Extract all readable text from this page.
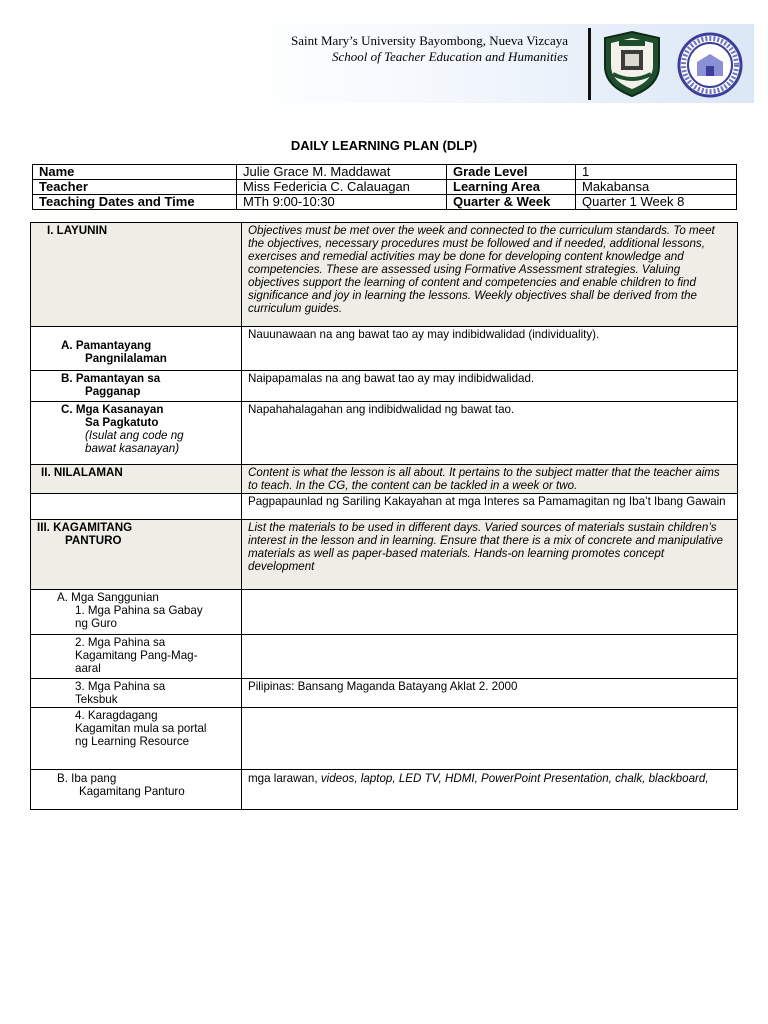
Saint Mary’s University Bayombong, Nueva Vizcaya
School of Teacher Education and Humanities
DAILY LEARNING PLAN (DLP)
Name	Julie Grace M. Maddawat	Grade Level	1
Teacher	Miss Federicia C. Calauagan	Learning Area	Makabansa
Teaching Dates and Time	MTh 9:00-10:30	Quarter & Week	Quarter 1 Week 8
I. LAYUNIN	Objectives must be met over the week and connected to the curriculum standards. To meet the objectives, necessary procedures must be followed and if needed, additional lessons, exercises and remedial activities may be done for developing content knowledge and competencies. These are assessed using Formative Assessment strategies. Valuing objectives support the learning of content and competencies and enable children to find significance and joy in learning the lessons. Weekly objectives shall be derived from the curriculum guides.
A. Pamantayang

Pangnilalaman	Nauunawaan na ang bawat tao ay may indibidwalidad (individuality).
B. Pamantayan sa

Pagganap	Naipapamalas na ang bawat tao ay may indibidwalidad.
C. Mga Kasanayan

Sa Pagkatuto
(Isulat ang code ng bawat kasanayan)	Napahahalagahan ang indibidwalidad ng bawat tao.
II. NILALAMAN	Content is what the lesson is all about. It pertains to the subject matter that the teacher aims to teach. In the CG, the content can be tackled in a week or two.
	Pagpapaunlad ng Sariling Kakayahan at mga Interes sa Pamamagitan ng Iba’t Ibang Gawain
III. KAGAMITANG
PANTURO	List the materials to be used in different days. Varied sources of materials sustain children’s interest in the lesson and in learning. Ensure that there is a mix of concrete and manipulative materials as well as paper-based materials. Hands-on learning promotes concept development
A. Mga Sanggunian

1. Mga Pahina sa Gabay ng Guro	

2. Mga Pahina sa Kagamitang Pang-Mag-aaral	
3. Mga Pahina sa Teksbuk	Pilipinas: Bansang Maganda Batayang Aklat 2. 2000
4. Karagdagang Kagamitan mula sa portal ng Learning Resource	
B. Iba pang
Kagamitang Panturo	mga larawan, videos, laptop, LED TV, HDMI, PowerPoint Presentation, chalk, blackboard,
